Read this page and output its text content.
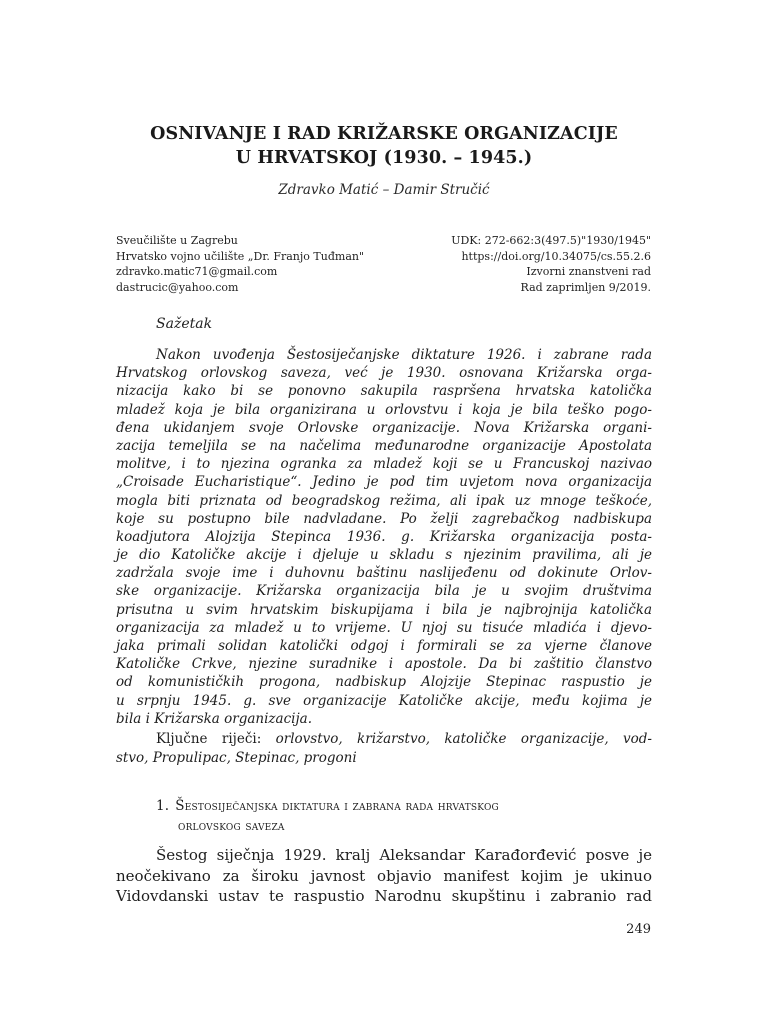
OSNIVANJE I RAD KRIŽARSKE ORGANIZACIJE
U HRVATSKOJ (1930. – 1945.)
Zdravko Matić – Damir Stručić
Sveučilište u Zagrebu
Hrvatsko vojno učilište „Dr. Franjo Tuđman"
zdravko.matic71@gmail.com
dastrucic@yahoo.com
UDK: 272-662:3(497.5)"1930/1945"
https://doi.org/10.34075/cs.55.2.6
Izvorni znanstveni rad
Rad zaprimljen 9/2019.
Sažetak
Nakon uvođenja Šestosiječanjske diktature 1926. i zabrane rada
Hrvatskog orlovskog saveza, već je 1930. osnovana Križarska orga-
nizacija kako bi se ponovno sakupila raspršena hrvatska katolička
mladež koja je bila organizirana u orlovstvu i koja je bila teško pogo-
đena ukidanjem svoje Orlovske organizacije. Nova Križarska organi-
zacija temeljila se na načelima međunarodne organizacije Apostolata
molitve, i to njezina ogranka za mladež koji se u Francuskoj nazivao
„Croisade Eucharistique“. Jedino je pod tim uvjetom nova organizacija
mogla biti priznata od beogradskog režima, ali ipak uz mnoge teškoće,
koje su postupno bile nadvladane. Po želji zagrebačkog nadbiskupa
koadjutora Alojzija Stepinca 1936. g. Križarska organizacija posta-
je dio Katoličke akcije i djeluje u skladu s njezinim pravilima, ali je
zadržala svoje ime i duhovnu baštinu naslijeđenu od dokinute Orlov-
ske organizacije. Križarska organizacija bila je u svojim društvima
prisutna u svim hrvatskim biskupijama i bila je najbrojnija katolička
organizacija za mladež u to vrijeme. U njoj su tisuće mladića i djevo-
jaka primali solidan katolički odgoj i formirali se za vjerne članove
Katoličke Crkve, njezine suradnike i apostole. Da bi zaštitio članstvo
od komunističkih progona, nadbiskup Alojzije Stepinac raspustio je
u srpnju 1945. g. sve organizacije Katoličke akcije, među kojima je
bila i Križarska organizacija.
Ključne riječi: orlovstvo, križarstvo, katoličke organizacije, vod-
stvo, Propulipac, Stepinac, progoni
1. Šestosiječanjska diktatura i zabrana rada hrvatskog
orlovskog saveza
Šestog siječnja 1929. kralj Aleksandar Karađorđević posve je
neočekivano za široku javnost objavio manifest kojim je ukinuo
Vidovdanski ustav te raspustio Narodnu skupštinu i zabranio rad
249
